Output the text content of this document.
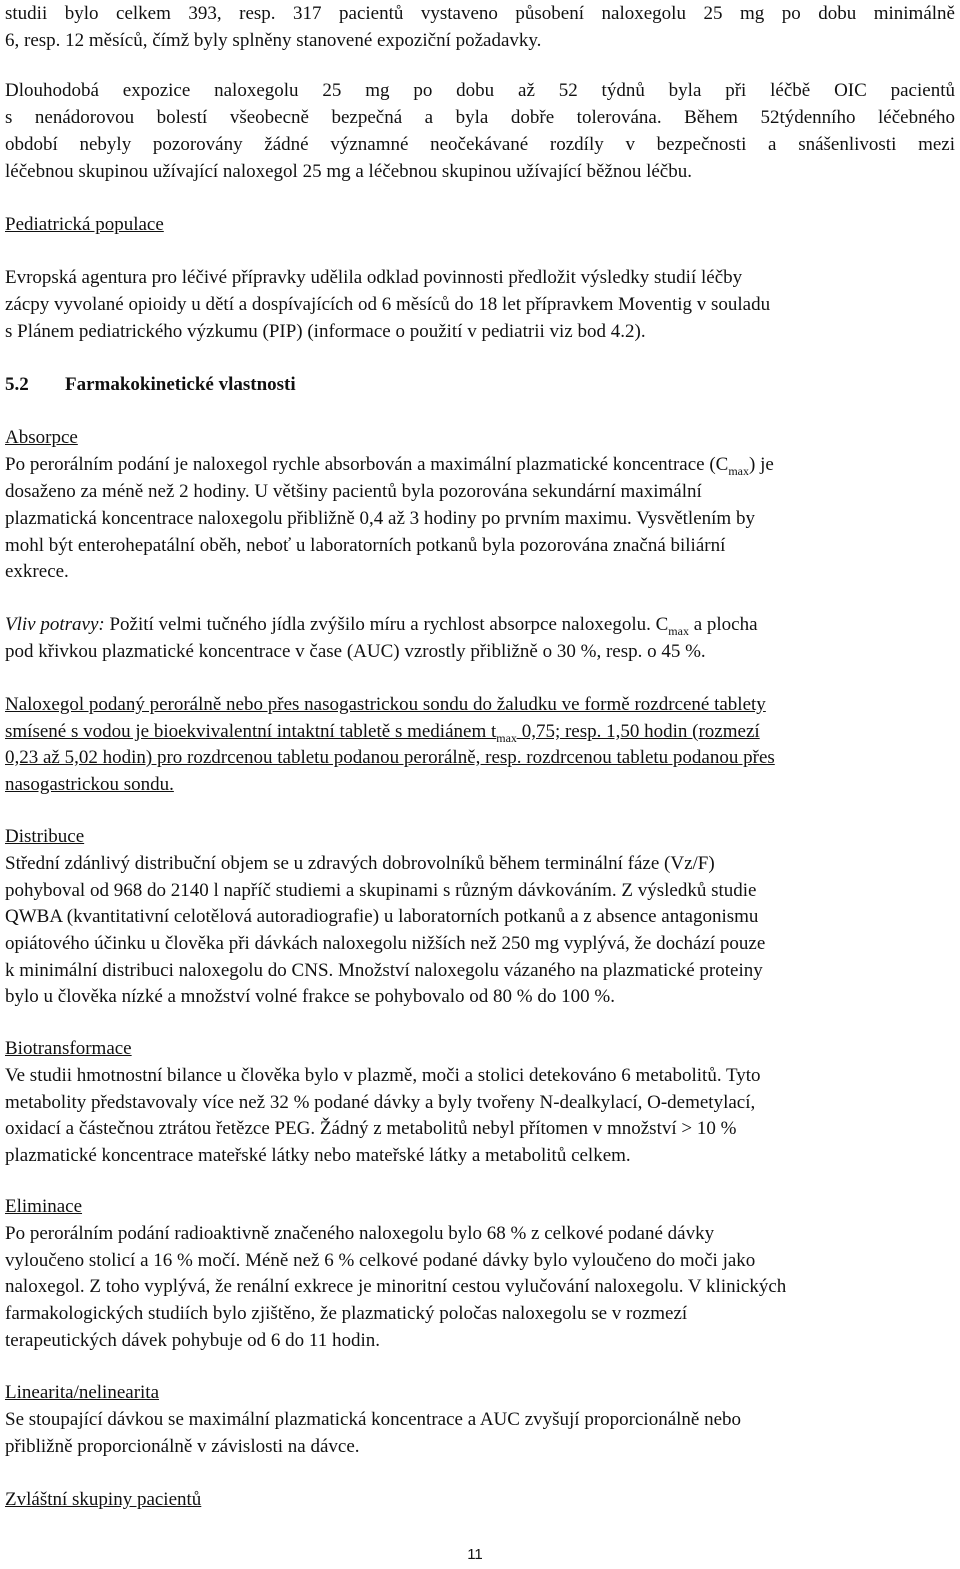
studii bylo celkem 393, resp. 317 pacientů vystaveno působení naloxegolu 25 mg po dobu minimálně
6, resp. 12 měsíců, čímž byly splněny stanovené expoziční požadavky.
Dlouhodobá expozice naloxegolu 25 mg po dobu až 52 týdnů byla při léčbě OIC pacientů
s nenádorovou bolestí všeobecně bezpečná a byla dobře tolerována. Během 52týdenního léčebného
období nebyly pozorovány žádné významné neočekávané rozdíly v bezpečnosti a snášenlivosti mezi
léčebnou skupinou užívající naloxegol 25 mg a léčebnou skupinou užívající běžnou léčbu.
Pediatrická populace
Evropská agentura pro léčivé přípravky udělila odklad povinnosti předložit výsledky studií léčby
zácpy vyvolané opioidy u dětí a dospívajících od 6 měsíců do 18 let přípravkem Moventig v souladu
s Plánem pediatrického výzkumu (PIP) (informace o použití v pediatrii viz bod 4.2).
5.2 Farmakokinetické vlastnosti
Absorpce
Po perorálním podání je naloxegol rychle absorbován a maximální plazmatické koncentrace $(C_{max})$ je
dosaženo za méně než 2 hodiny. U většiny pacientů byla pozorována sekundární maximální
plazmatická koncentrace naloxegolu přibližně 0,4 až 3 hodiny po prvním maximu. Vysvětlením by
mohl být enterohepatální oběh, neboť u laboratorních potkanů byla pozorována značná biliární
exkrece.
Vliv potravy: Požití velmi tučného jídla zvýšilo míru a rychlost absorpce naloxegolu. $C_{max}$ a plocha
pod křivkou plazmatické koncentrace v čase (AUC) vzrostly přibližně o 30 %, resp. o 45 %.
Naloxegol podaný perorálně nebo přes nasogastrickou sondu do žaludku ve formě rozdrcené tablety
smísené s vodou je bioekvivalentní intaktní tabletě s mediánem $t_{max}$ 0,75; resp. 1,50 hodin (rozmezí
0,23 až 5,02 hodin) pro rozdrcenou tabletu podanou perorálně, resp. rozdrcenou tabletu podanou přes
nasogastrickou sondu.
Distribuce
Střední zdánlivý distribuční objem se u zdravých dobrovolníků během terminální fáze (Vz/F)
pohyboval od 968 do 2140 l napříč studiemi a skupinami s různým dávkováním. Z výsledků studie
QWBA (kvantitativní celotělová autoradiografie) u laboratorních potkanů a z absence antagonismu
opiátového účinku u člověka při dávkách naloxegolu nižších než 250 mg vyplývá, že dochází pouze
k minimální distribuci naloxegolu do CNS. Množství naloxegolu vázaného na plazmatické proteiny
bylo u člověka nízké a množství volné frakce se pohybovalo od 80 % do 100 %.
Biotransformace
Ve studii hmotnostní bilance u člověka bylo v plazmě, moči a stolici detekováno 6 metabolitů. Tyto
metabolity představovaly více než 32 % podané dávky a byly tvořeny N-dealkylací, O-demetylací,
oxidací a částečnou ztrátou řetězce PEG. Žádný z metabolitů nebyl přítomen v množství > 10 %
plazmatické koncentrace mateřské látky nebo mateřské látky a metabolitů celkem.
Eliminace
Po perorálním podání radioaktivně značeného naloxegolu bylo 68 % z celkové podané dávky
vyloučeno stolicí a 16 % močí. Méně než 6 % celkové podané dávky bylo vyloučeno do moči jako
naloxegol. Z toho vyplývá, že renální exkrece je minoritní cestou vylučování naloxegolu. V klinických
farmakologických studiích bylo zjištěno, že plazmatický poločas naloxegolu se v rozmezí
terapeutických dávek pohybuje od 6 do 11 hodin.
Linearita/nelinearita
Se stoupající dávkou se maximální plazmatická koncentrace a AUC zvyšují proporcionálně nebo
přibližně proporcionálně v závislosti na dávce.
Zvláštní skupiny pacientů
11
